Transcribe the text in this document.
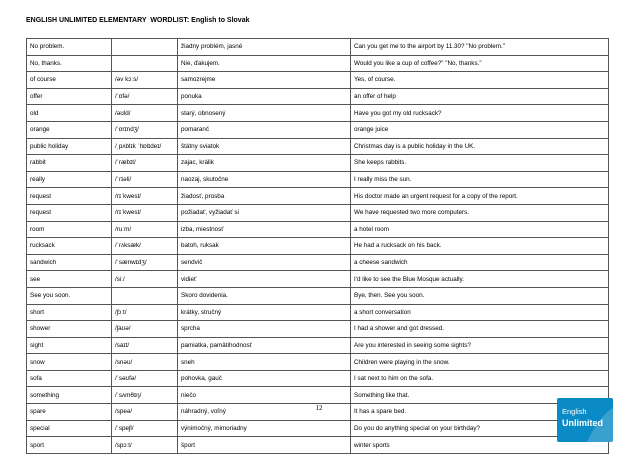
ENGLISH UNLIMITED ELEMENTARY  WORDLIST: English to Slovak
No problem.		žiadny problém, jasné	Can you get me to the airport by 11.30? "No problem."
No, thanks.		Nie, ďakujem.	Would you like a cup of coffee?" "No, thanks."
of course	/əv kɔːs/	samozrejme	Yes, of course.
offer	/ˈɒfə/	ponuka	an offer of help
old	/əʊld/	starý, obnosený	Have you got my old rucksack?
orange	/ˈɒrɪndʒ/	pomaranč	orange juice
public holiday	/ˌpʌblɪk ˈhɒlɪdeɪ/	štátny sviatok	Christmas day is a public holiday in the UK.
rabbit	/ˈræbɪt/	zajac, králik	She keeps rabbits.
really	/ˈrɪəli/	naozaj, skutočne	I really miss the sun.
request	/rɪˈkwest/	žiadosť, prosba	His doctor made an urgent request for a copy of the report.
request	/rɪˈkwest/	požiadať, vyžiadať si	We have requested two more computers.
room	/ruːm/	izba, miestnosť	a hotel room
rucksack	/ˈrʌksæk/	batoh, ruksak	He had a rucksack on his back.
sandwich	/ˈsænwɪdʒ/	sendvič	a cheese sandwich
see	/siː/	vidieť	I'd like to see the Blue Mosque actually.
See you soon.		Skoro dovidenia.	Bye, then. See you soon.
short	/ʃɔːt/	krátky, stručný	a short conversation
shower	/ʃaʊə/	sprcha	I had a shower and got dressed.
sight	/saɪt/	pamiatka, pamätihodnosť	Are you interested in seeing some sights?
snow	/snəʊ/	sneh	Children were playing in the snow.
sofa	/ˈsəʊfə/	pohovka, gauč	I sat next to him on the sofa.
something	/ˈsʌmθɪŋ/	niečo	Something like that.
spare	/speə/	náhradný, voľný	It has a spare bed.
special	/ˈspeʃl/	výnimočný, mimoriadny	Do you do anything special on your birthday?
sport	/spɔːt/	šport	winter sports
12	English
Unlimited
